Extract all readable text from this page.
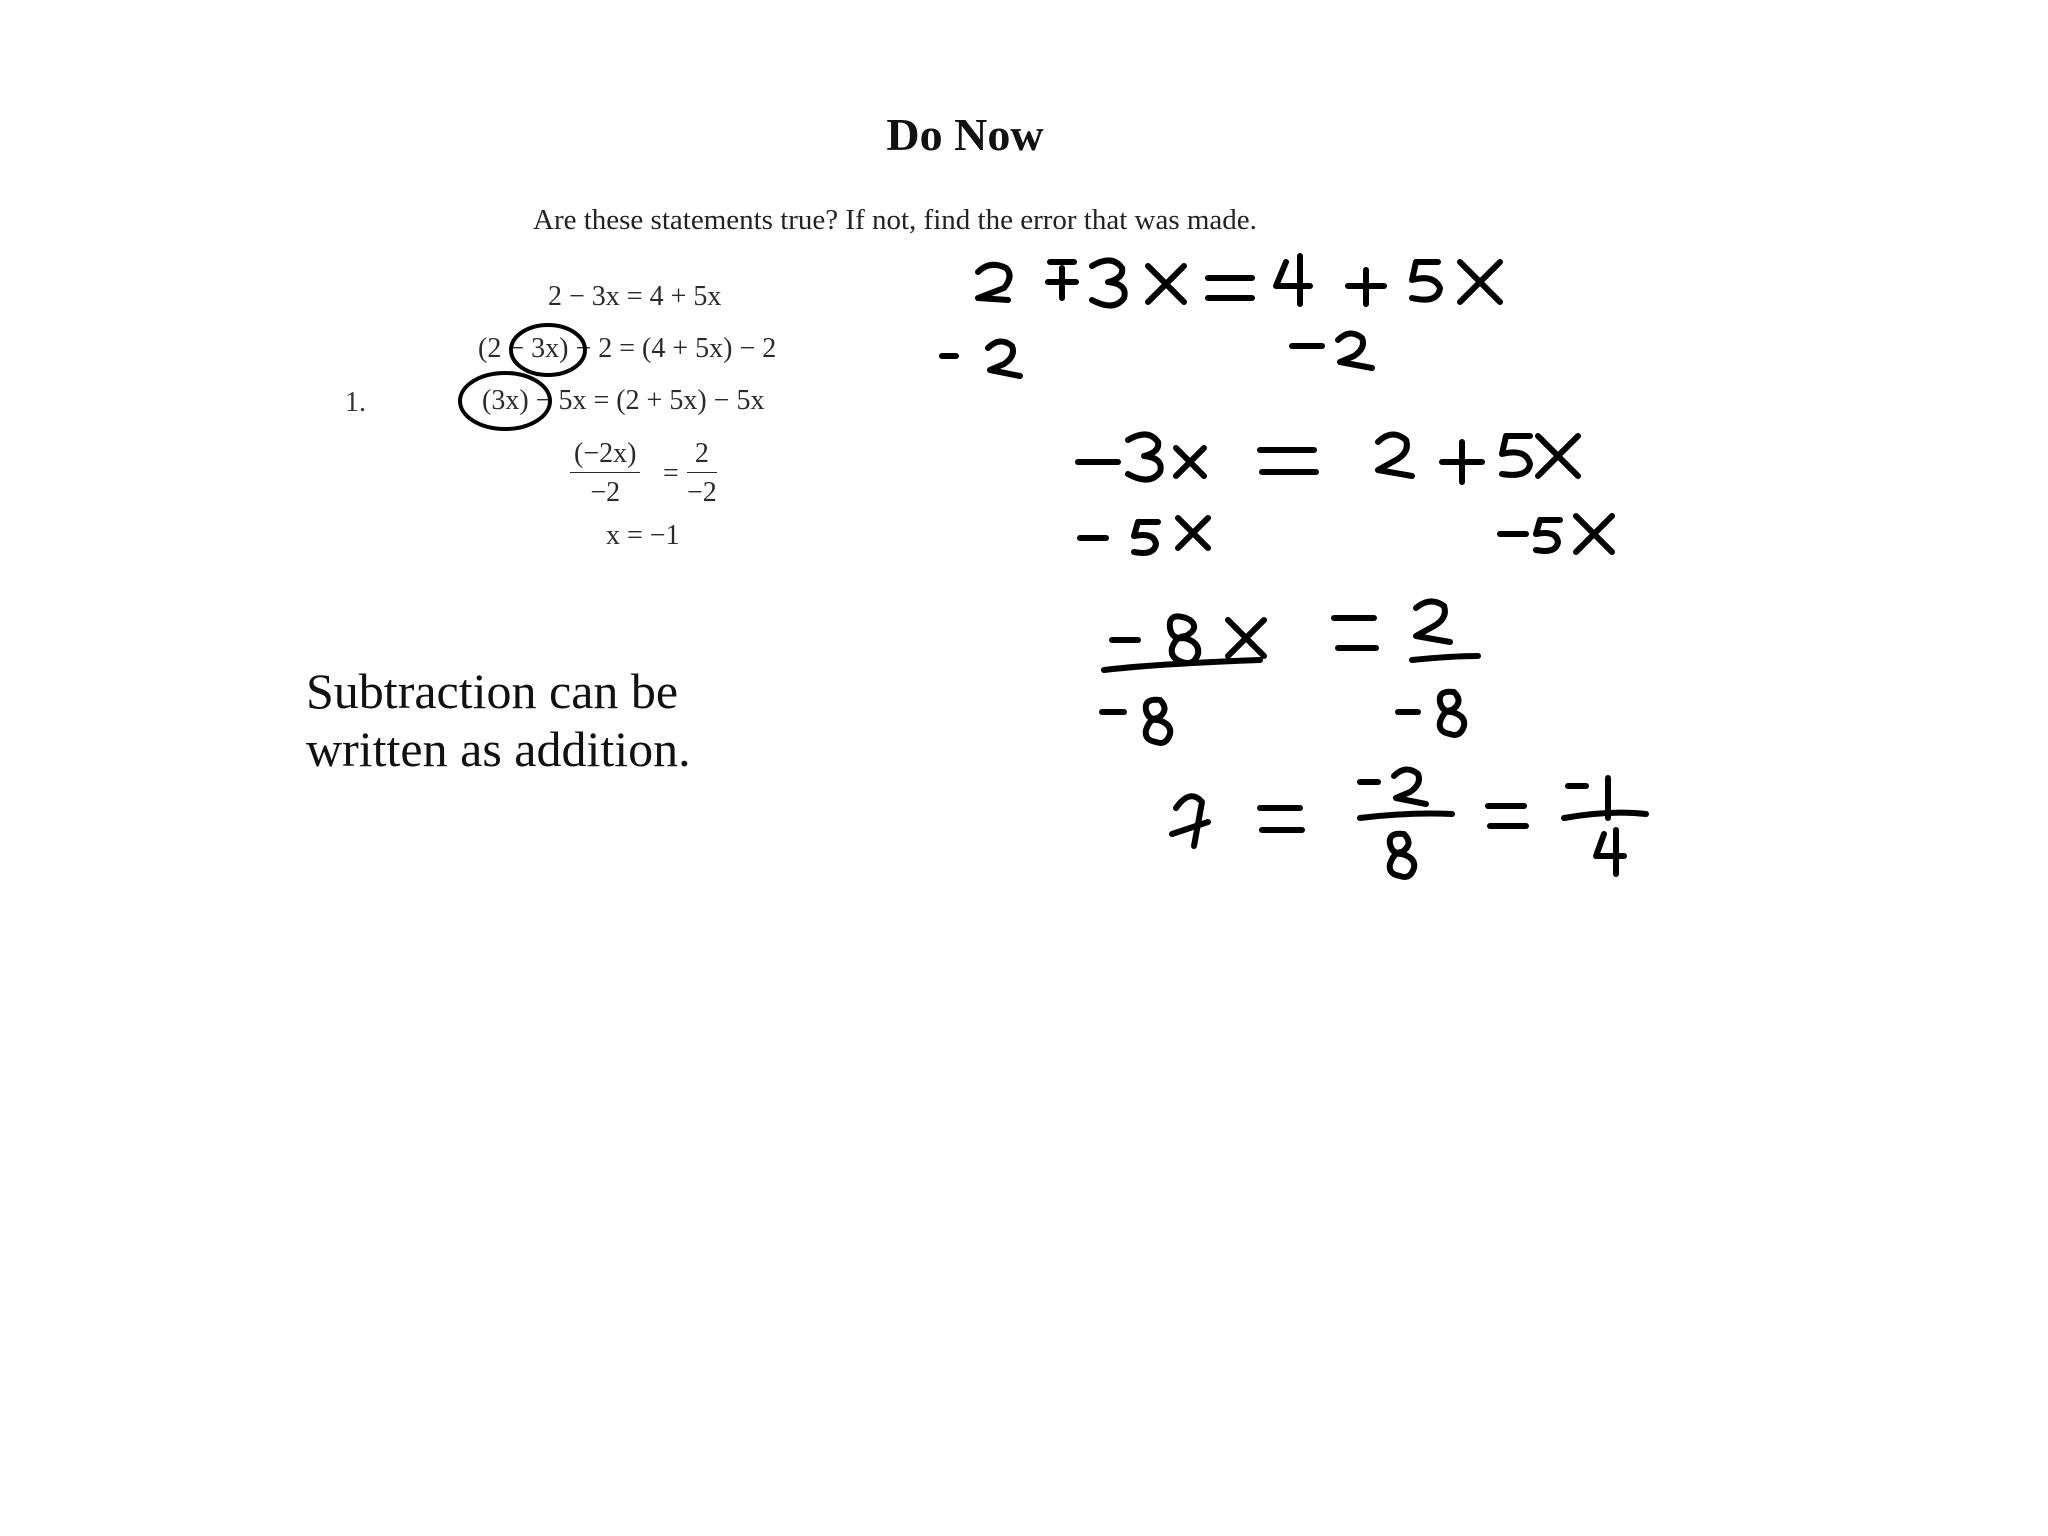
Do Now
Are these statements true? If not, find the error that was made.
1.
2 − 3x = 4 + 5x
(2 − 3x) − 2 = (4 + 5x) − 2
(3x) − 5x = (2 + 5x) − 5x
$\frac{(-2x)}{-2} = \frac{2}{-2}$
x = −1
Subtraction can be written as addition.
